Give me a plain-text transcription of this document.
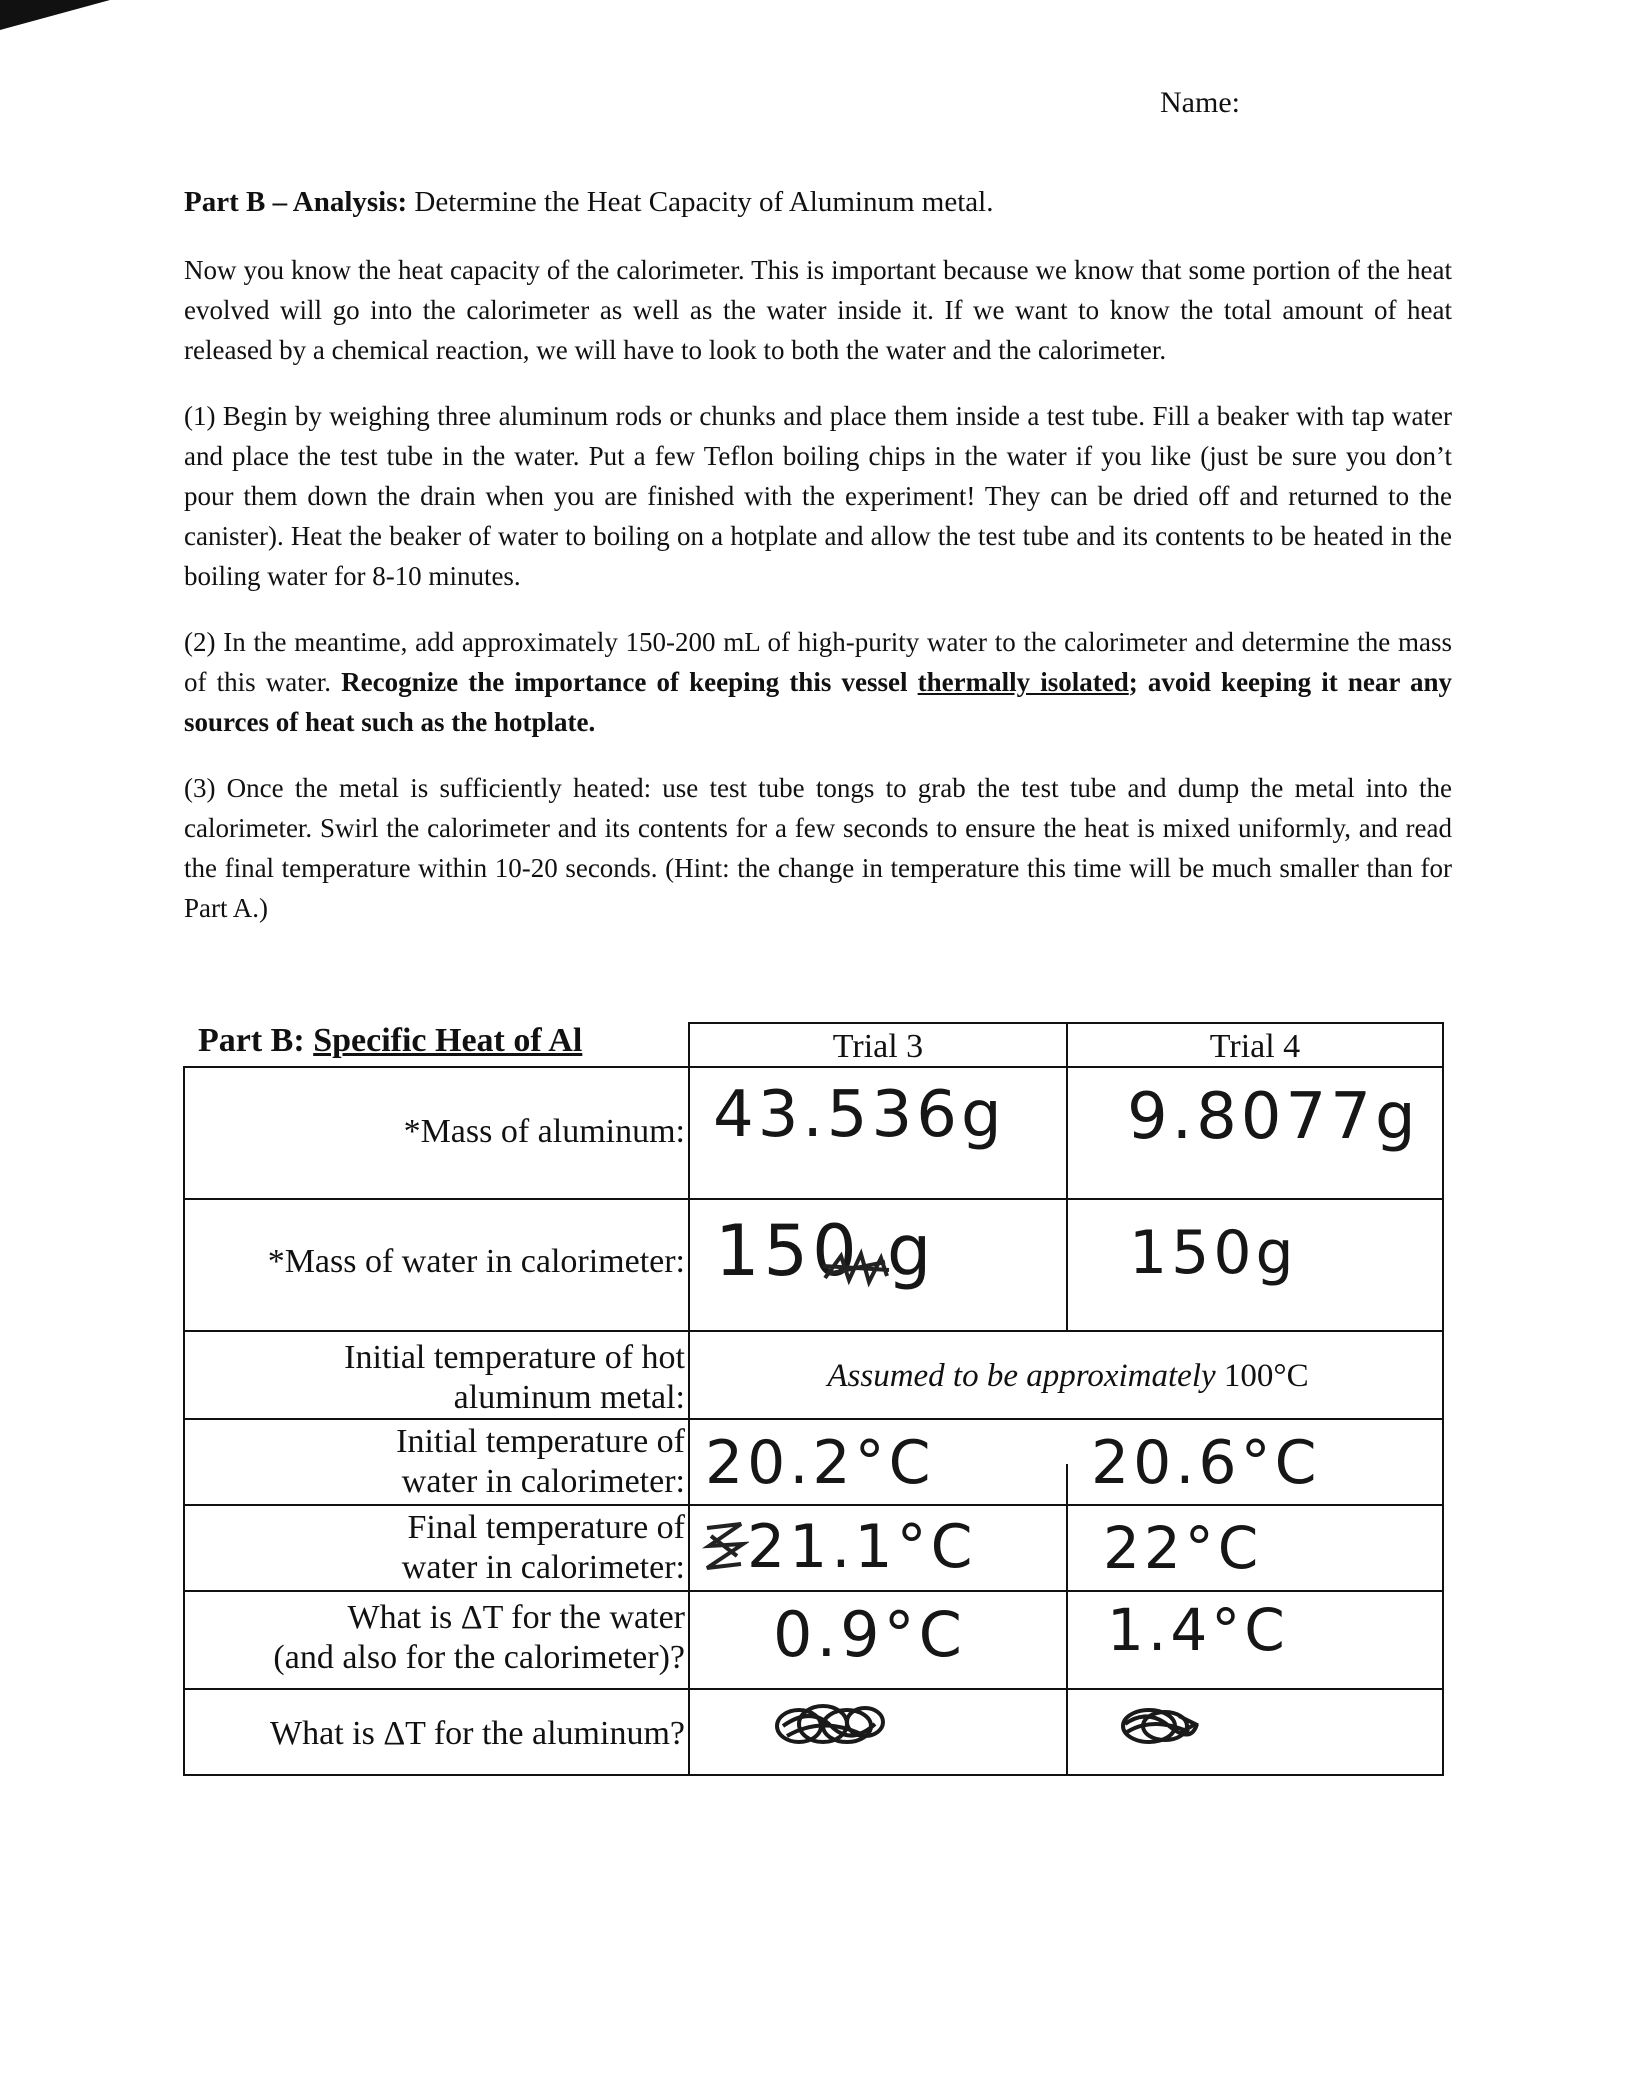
Name:
Part B – Analysis: Determine the Heat Capacity of Aluminum metal.
Now you know the heat capacity of the calorimeter. This is important because we know that some portion of the heat evolved will go into the calorimeter as well as the water inside it. If we want to know the total amount of heat released by a chemical reaction, we will have to look to both the water and the calorimeter.
(1) Begin by weighing three aluminum rods or chunks and place them inside a test tube. Fill a beaker with tap water and place the test tube in the water. Put a few Teflon boiling chips in the water if you like (just be sure you don’t pour them down the drain when you are finished with the experiment! They can be dried off and returned to the canister). Heat the beaker of water to boiling on a hotplate and allow the test tube and its contents to be heated in the boiling water for 8-10 minutes.
(2) In the meantime, add approximately 150-200 mL of high-purity water to the calorimeter and determine the mass of this water. Recognize the importance of keeping this vessel thermally isolated; avoid keeping it near any sources of heat such as the hotplate.
(3) Once the metal is sufficiently heated: use test tube tongs to grab the test tube and dump the metal into the calorimeter. Swirl the calorimeter and its contents for a few seconds to ensure the heat is mixed uniformly, and read the final temperature within 10-20 seconds. (Hint: the change in temperature this time will be much smaller than for Part A.)
Part B: Specific Heat of Al	Trial 3	Trial 4
*Mass of aluminum: 43.536g 9.8077g
*Mass of water in calorimeter: 150 g	150g
Initial temperature of hot
aluminum metal:
Assumed to be approximately 100°C
Initial temperature of
water in calorimeter: 20.2°C	20.6°C
Final temperature of
water in calorimeter: 21.1°C 22°C
What is ΔT for the water
(and also for the calorimeter)? 0.9°C 1.4°C
What is ΔT for the aluminum?
